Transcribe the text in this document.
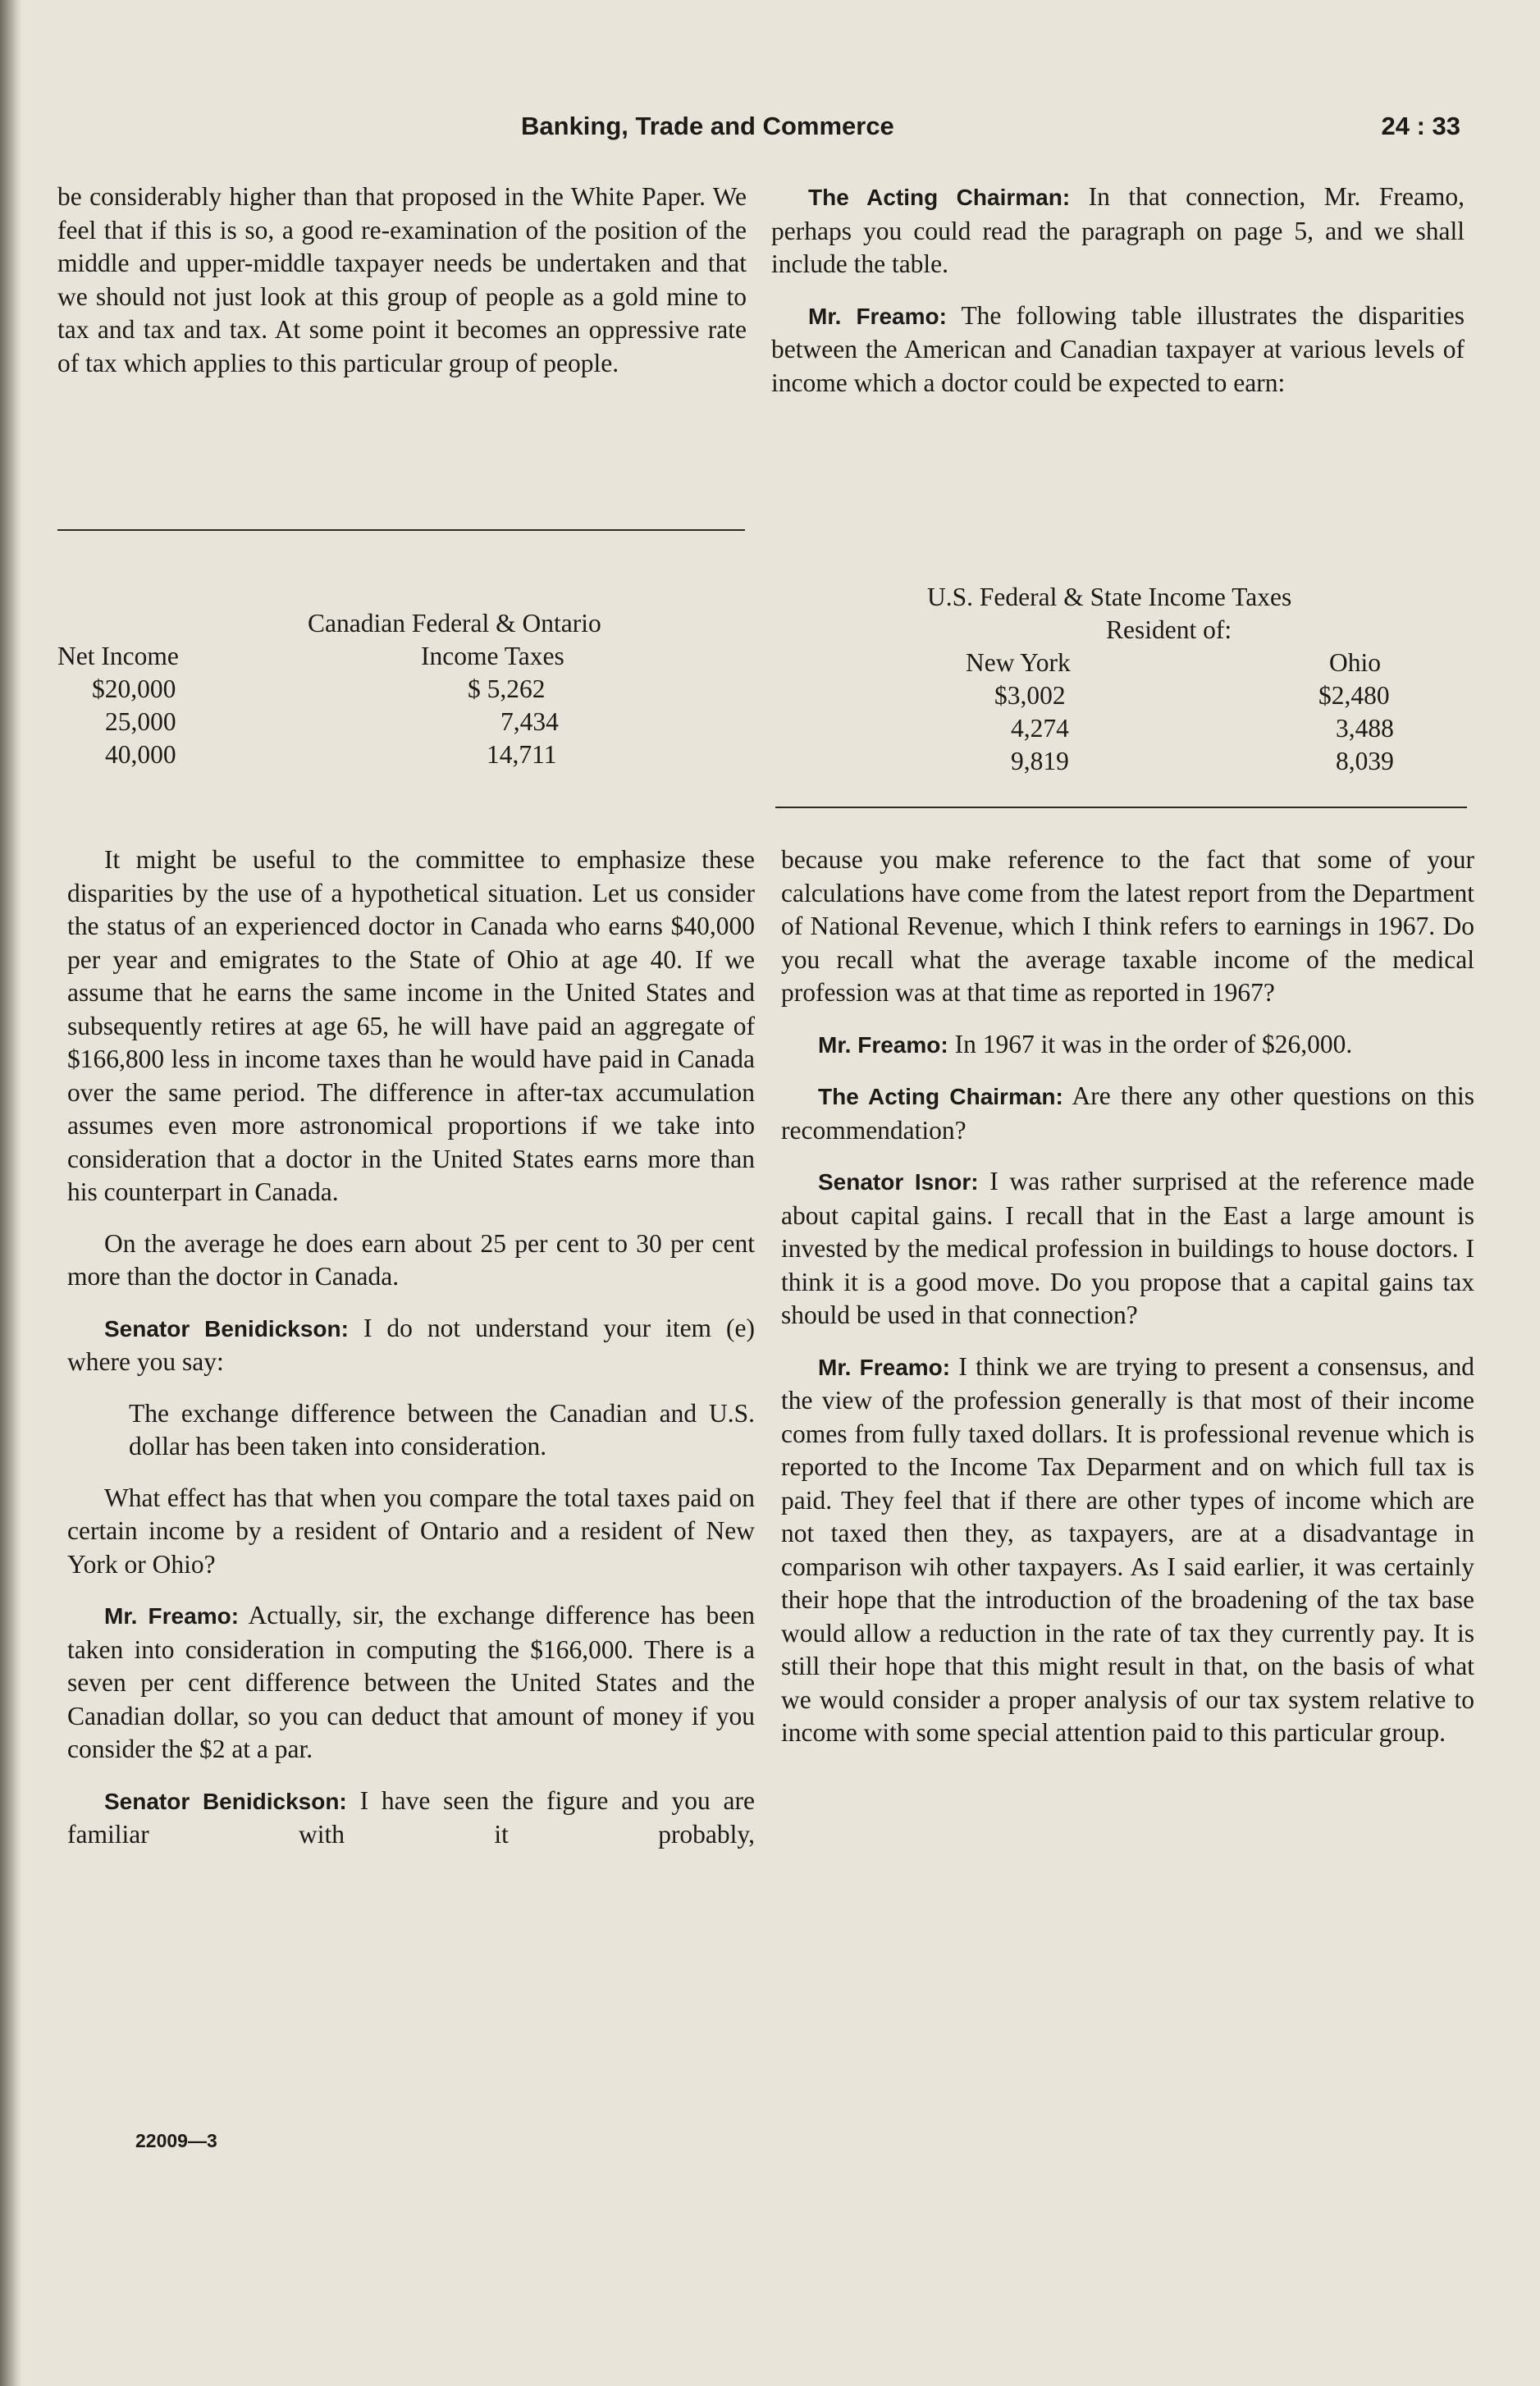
Banking, Trade and Commerce	24 : 33

be considerably higher than that proposed in the White Paper. We feel that if this is so, a good re-examination of the position of the middle and upper-middle taxpayer needs be undertaken and that we should not just look at this group of people as a gold mine to tax and tax and tax. At some point it becomes an oppressive rate of tax which applies to this particular group of people.

The Acting Chairman: In that connection, Mr. Freamo, perhaps you could read the paragraph on page 5, and we shall include the table.

Mr. Freamo: The following table illustrates the disparities between the American and Canadian taxpayer at various levels of income which a doctor could be expected to earn:

Canadian Federal & Ontario
Income Taxes
Net Income
$20,000	$ 5,262
25,000	7,434
40,000	14,711
U.S. Federal & State Income Taxes
Resident of:
New York	Ohio
$3,002	$2,480
4,274	3,488
9,819	8,039

It might be useful to the committee to emphasize these disparities by the use of a hypothetical situation. Let us consider the status of an experienced doctor in Canada who earns $40,000 per year and emigrates to the State of Ohio at age 40. If we assume that he earns the same income in the United States and subsequently retires at age 65, he will have paid an aggregate of $166,800 less in income taxes than he would have paid in Canada over the same period. The difference in after-tax accumulation assumes even more astronomical proportions if we take into consideration that a doctor in the United States earns more than his counterpart in Canada.

On the average he does earn about 25 per cent to 30 per cent more than the doctor in Canada.

Senator Benidickson: I do not understand your item (e) where you say:

The exchange difference between the Canadian and U.S. dollar has been taken into consideration.

What effect has that when you compare the total taxes paid on certain income by a resident of Ontario and a resident of New York or Ohio?

Mr. Freamo: Actually, sir, the exchange difference has been taken into consideration in computing the $166,000. There is a seven per cent difference between the United States and the Canadian dollar, so you can deduct that amount of money if you consider the $2 at a par.

Senator Benidickson: I have seen the figure and you are familiar with it probably,

because you make reference to the fact that some of your calculations have come from the latest report from the Department of National Revenue, which I think refers to earnings in 1967. Do you recall what the average taxable income of the medical profession was at that time as reported in 1967?

Mr. Freamo: In 1967 it was in the order of $26,000.

The Acting Chairman: Are there any other questions on this recommendation?

Senator Isnor: I was rather surprised at the reference made about capital gains. I recall that in the East a large amount is invested by the medical profession in buildings to house doctors. I think it is a good move. Do you propose that a capital gains tax should be used in that connection?

Mr. Freamo: I think we are trying to present a consensus, and the view of the profession generally is that most of their income comes from fully taxed dollars. It is professional revenue which is reported to the Income Tax Deparment and on which full tax is paid. They feel that if there are other types of income which are not taxed then they, as taxpayers, are at a disadvantage in comparison wih other taxpayers. As I said earlier, it was certainly their hope that the introduction of the broadening of the tax base would allow a reduction in the rate of tax they currently pay. It is still their hope that this might result in that, on the basis of what we would consider a proper analysis of our tax system relative to income with some special attention paid to this particular group.

22009—3
